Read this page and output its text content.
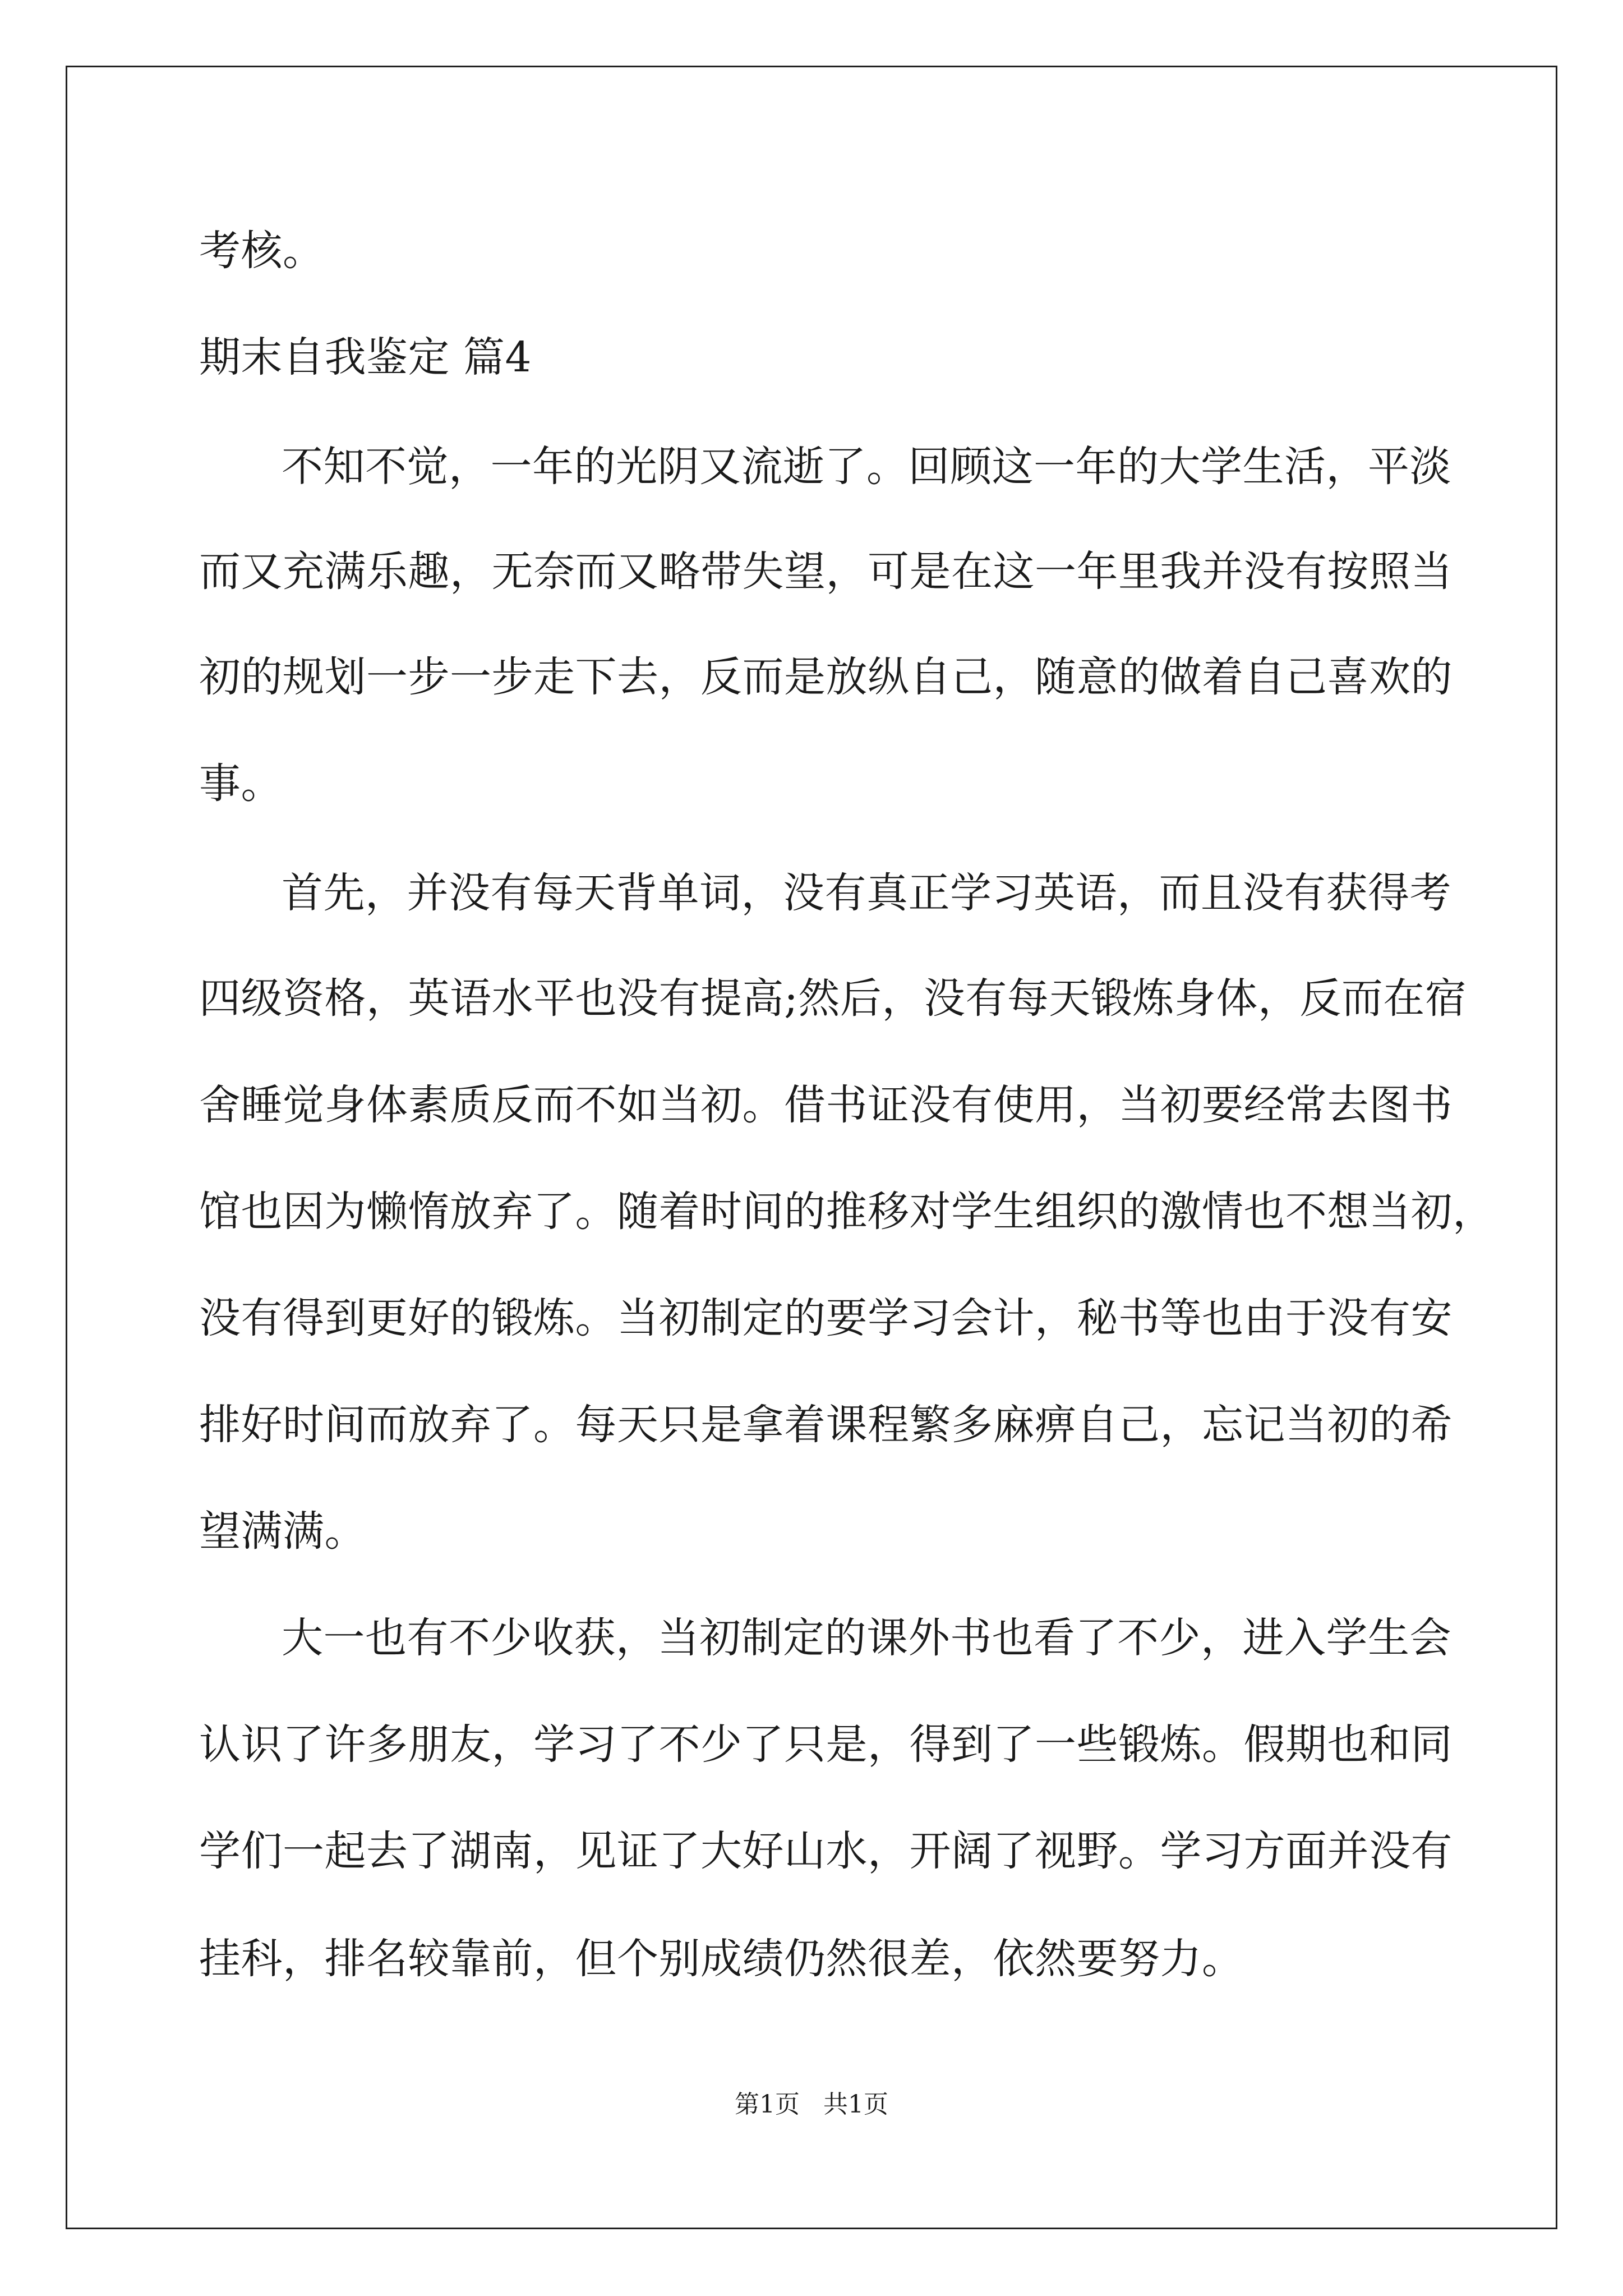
考核。
期末自我鉴定 篇4
不知不觉，一年的光阴又流逝了。回顾这一年的大学生活，平淡
而又充满乐趣，无奈而又略带失望，可是在这一年里我并没有按照当
初的规划一步一步走下去，反而是放纵自己，随意的做着自己喜欢的
事。
首先，并没有每天背单词，没有真正学习英语，而且没有获得考
四级资格，英语水平也没有提高;然后，没有每天锻炼身体，反而在宿
舍睡觉身体素质反而不如当初。借书证没有使用，当初要经常去图书
馆也因为懒惰放弃了。随着时间的推移对学生组织的激情也不想当初，
没有得到更好的锻炼。当初制定的要学习会计，秘书等也由于没有安
排好时间而放弃了。每天只是拿着课程繁多麻痹自己，忘记当初的希
望满满。
大一也有不少收获，当初制定的课外书也看了不少，进入学生会
认识了许多朋友，学习了不少了只是，得到了一些锻炼。假期也和同
学们一起去了湖南，见证了大好山水，开阔了视野。学习方面并没有
挂科，排名较靠前，但个别成绩仍然很差，依然要努力。
第1页   共1页
